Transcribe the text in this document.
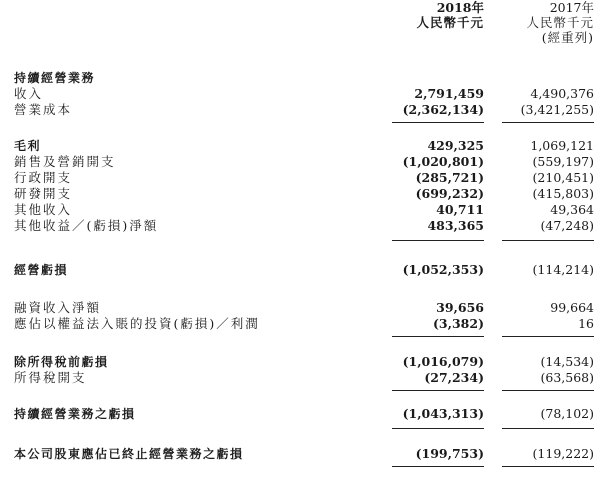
2018年
人民幣千元
2017年
人民幣千元
(經重列)
持續經營業務
收入	2,791,459	4,490,376
營業成本	(2,362,134)	(3,421,255)
毛利	429,325	1,069,121
銷售及營銷開支	(1,020,801)	(559,197)
行政開支	(285,721)	(210,451)
研發開支	(699,232)	(415,803)
其他收入	40,711	49,364
其他收益／(虧損)淨額	483,365	(47,248)
經營虧損	(1,052,353)	(114,214)
融資收入淨額	39,656	99,664
應佔以權益法入賬的投資(虧損)／利潤	(3,382)	16
除所得稅前虧損	(1,016,079)	(14,534)
所得稅開支	(27,234)	(63,568)
持續經營業務之虧損	(1,043,313)	(78,102)
本公司股東應佔已終止經營業務之虧損	(199,753)	(119,222)
